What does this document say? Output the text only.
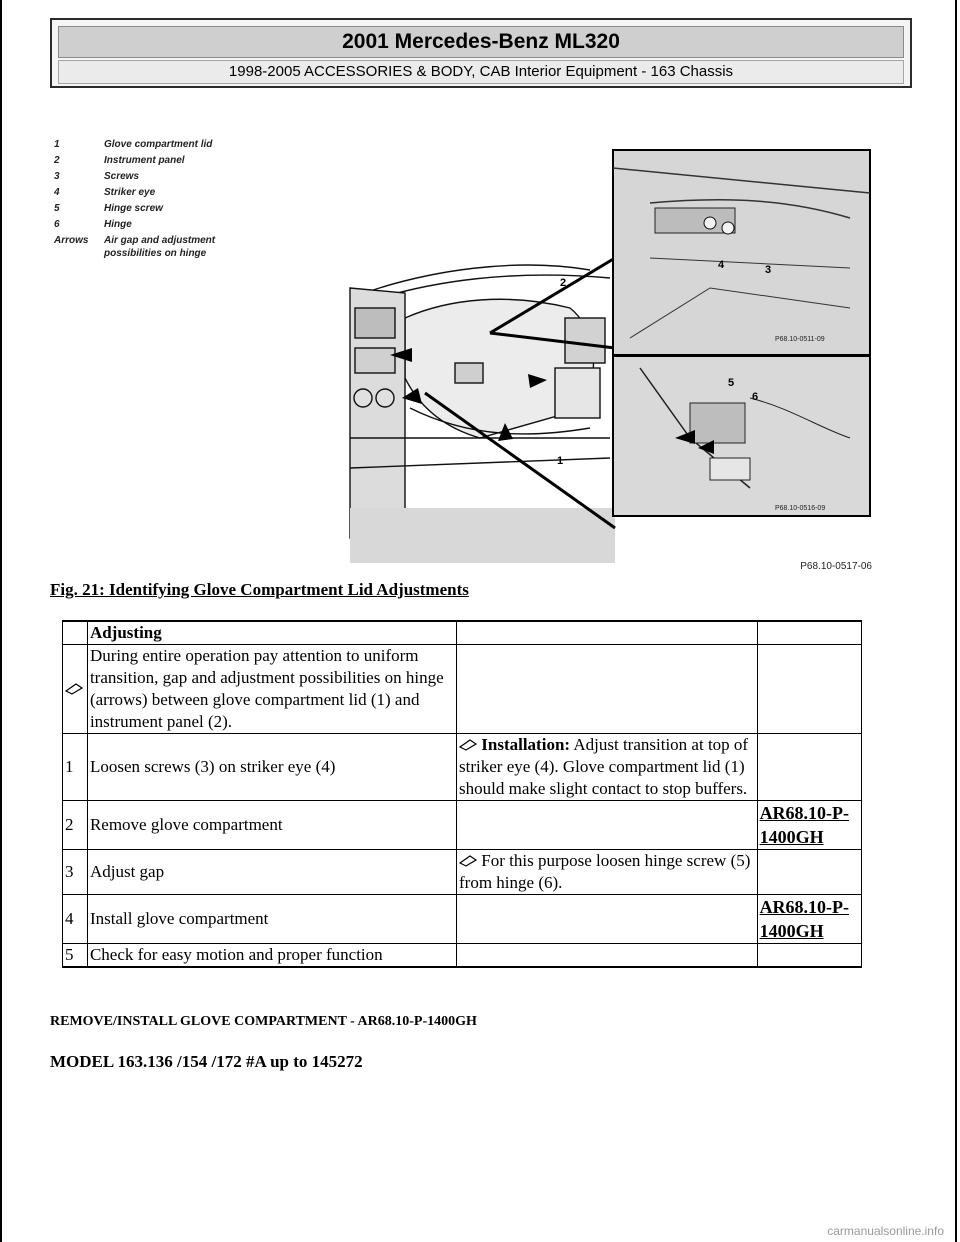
2001 Mercedes-Benz ML320
1998-2005 ACCESSORIES & BODY, CAB Interior Equipment - 163 Chassis
1	Glove compartment lid
2	Instrument panel
3	Screws
4	Striker eye
5	Hinge screw
6	Hinge
Arrows	Air gap and adjustment possibilities on hinge
P68.10-0511-09
P68.10-0516-09
4	3
2
1
5
6
P68.10-0517-06
Fig. 21: Identifying Glove Compartment Lid Adjustments
	Adjusting		
	During entire operation pay attention to uniform transition, gap and adjustment possibilities on hinge (arrows) between glove compartment lid (1) and instrument panel (2).		
1	Loosen screws (3) on striker eye (4)	Installation: Adjust transition at top of striker eye (4). Glove compartment lid (1) should make slight contact to stop buffers.	
2	Remove glove compartment		AR68.10-P-1400GH
3	Adjust gap	For this purpose loosen hinge screw (5) from hinge (6).	
4	Install glove compartment		AR68.10-P-1400GH
5	Check for easy motion and proper function		
REMOVE/INSTALL GLOVE COMPARTMENT - AR68.10-P-1400GH
MODEL 163.136 /154 /172 #A up to 145272
carmanualsonline.info
